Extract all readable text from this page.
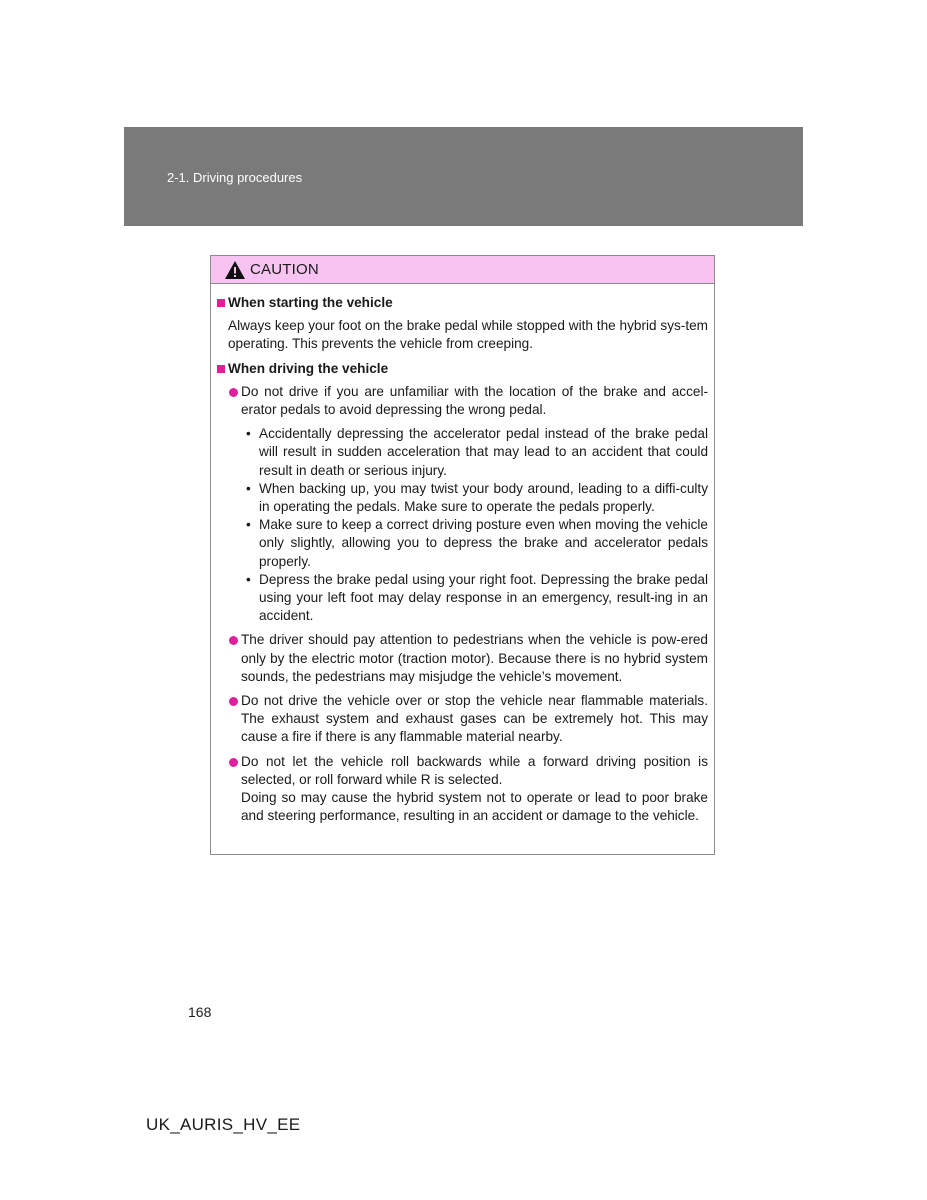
2-1. Driving procedures
CAUTION
When starting the vehicle
Always keep your foot on the brake pedal while stopped with the hybrid sys-tem operating. This prevents the vehicle from creeping.
When driving the vehicle
Do not drive if you are unfamiliar with the location of the brake and accel-erator pedals to avoid depressing the wrong pedal.
• Accidentally depressing the accelerator pedal instead of the brake pedal will result in sudden acceleration that may lead to an accident that could result in death or serious injury.
• When backing up, you may twist your body around, leading to a diffi-culty in operating the pedals. Make sure to operate the pedals properly.
• Make sure to keep a correct driving posture even when moving the vehicle only slightly, allowing you to depress the brake and accelerator pedals properly.
• Depress the brake pedal using your right foot. Depressing the brake pedal using your left foot may delay response in an emergency, result-ing in an accident.
The driver should pay attention to pedestrians when the vehicle is pow-ered only by the electric motor (traction motor). Because there is no hybrid system sounds, the pedestrians may misjudge the vehicle’s movement.
Do not drive the vehicle over or stop the vehicle near flammable materials. The exhaust system and exhaust gases can be extremely hot. This may cause a fire if there is any flammable material nearby.
Do not let the vehicle roll backwards while a forward driving position is selected, or roll forward while R is selected.
Doing so may cause the hybrid system not to operate or lead to poor brake and steering performance, resulting in an accident or damage to the vehicle.
168
UK_AURIS_HV_EE
